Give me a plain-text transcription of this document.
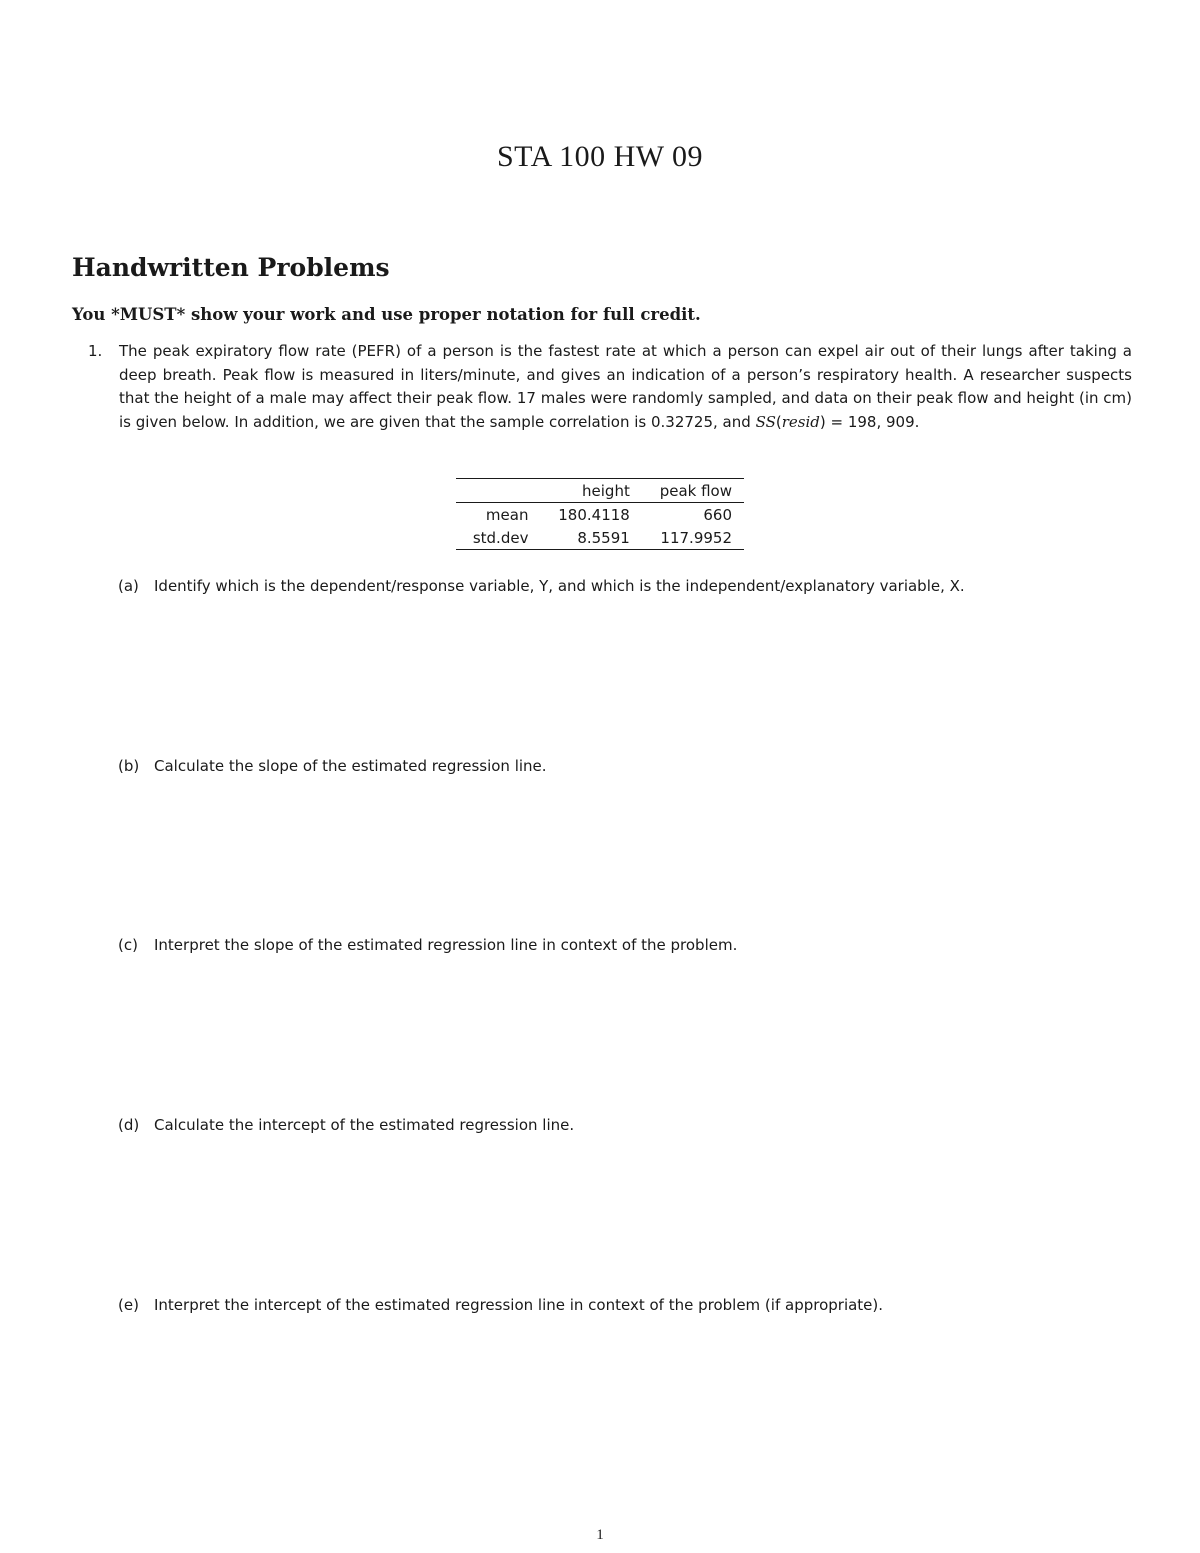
STA 100 HW 09
Handwritten Problems
You *MUST* show your work and use proper notation for full credit.
1. The peak expiratory flow rate (PEFR) of a person is the fastest rate at which a person can expel air out of their lungs after taking a deep breath. Peak flow is measured in liters/minute, and gives an indication of a person’s respiratory health. A researcher suspects that the height of a male may affect their peak flow. 17 males were randomly sampled, and data on their peak flow and height (in cm) is given below. In addition, we are given that the sample correlation is 0.32725, and SS(resid) = 198, 909.
	height	peak flow
mean	180.4118	660
std.dev	8.5591	117.9952
(a) Identify which is the dependent/response variable, Y, and which is the independent/explanatory variable, X.
(b) Calculate the slope of the estimated regression line.
(c) Interpret the slope of the estimated regression line in context of the problem.
(d) Calculate the intercept of the estimated regression line.
(e) Interpret the intercept of the estimated regression line in context of the problem (if appropriate).
1
